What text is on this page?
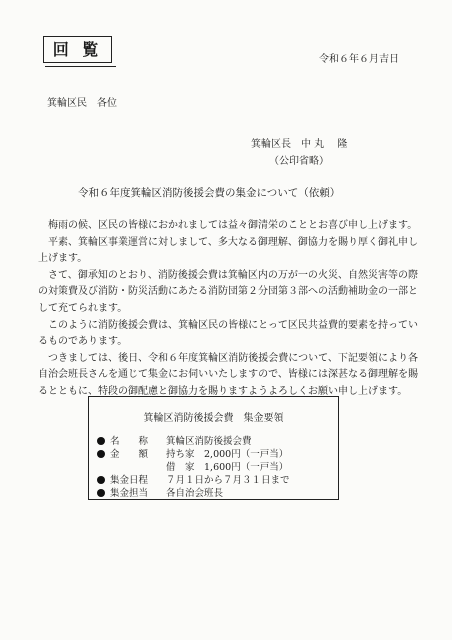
回 覧
令和６年６月吉日
箕輪区民　各位
箕輪区長　中 丸　 隆
（公印省略）
令和６年度箕輪区消防後援会費の集金について（依頼）

梅雨の候、区民の皆様におかれましては益々御清栄のこととお喜び申し上げます。

平素、箕輪区事業運営に対しまして、多大なる御理解、御協力を賜り厚く御礼申し上げます。

さて、御承知のとおり、消防後援会費は箕輪区内の万が一の火災、自然災害等の際の対策費及び消防・防災活動にあたる消防団第２分団第３部への活動補助金の一部として充てられます。

このように消防後援会費は、箕輪区民の皆様にとって区民共益費的要素を持っているものであります。

つきましては、後日、令和６年度箕輪区消防後援会費について、下記要領により各自治会班長さんを通じて集金にお伺いいたしますので、皆様には深甚なる御理解を賜るとともに、特段の御配慮と御協力を賜りますようよろしくお願い申し上げます。

箕輪区消防後援会費　集金要領
名　　称 箕輪区消防後援会費
金　　額 持ち家　2,000円（一戸当）
借　家　1,600円（一戸当）
集金日程 ７月１日から７月３１日まで
集金担当 各自治会班長
